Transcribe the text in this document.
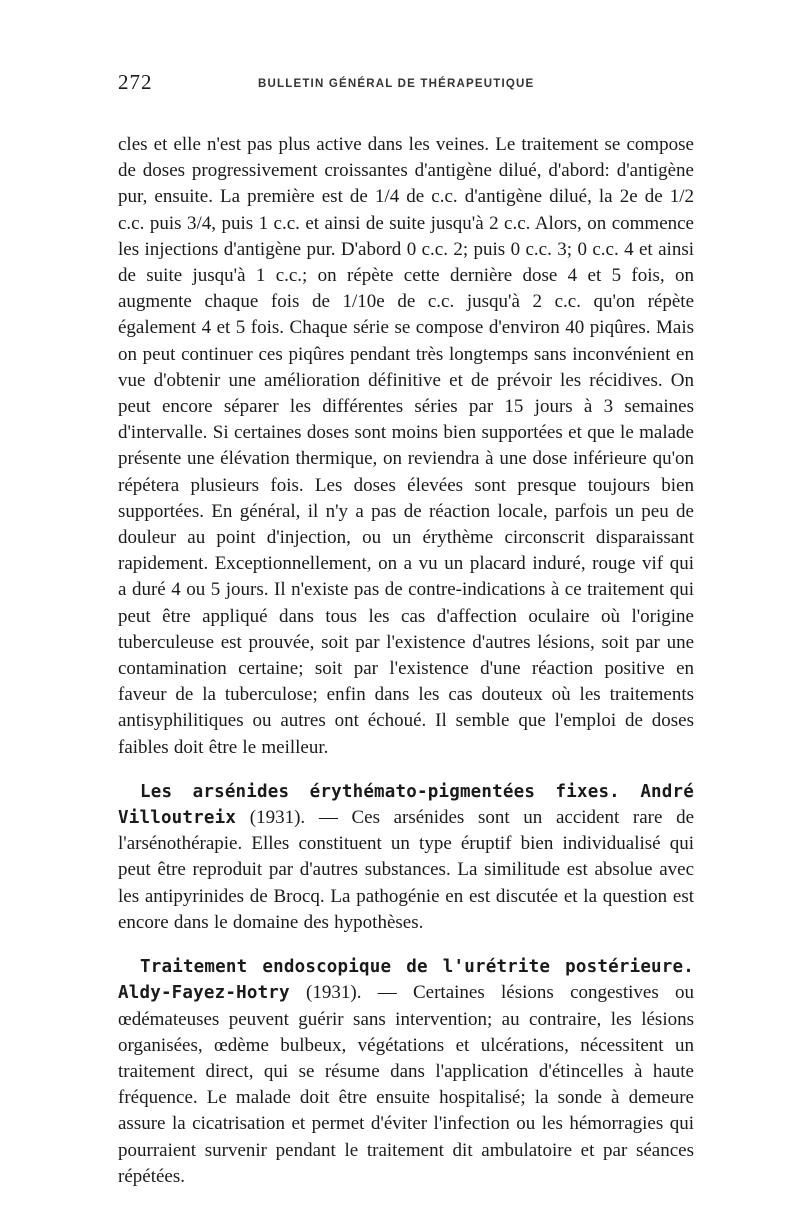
272	BULLETIN GÉNÉRAL DE THÉRAPEUTIQUE

cles et elle n'est pas plus active dans les veines. Le traitement se compose de doses progressivement croissantes d'antigène dilué, d'abord: d'antigène pur, ensuite. La première est de 1/4 de c.c. d'antigène dilué, la 2e de 1/2 c.c. puis 3/4, puis 1 c.c. et ainsi de suite jusqu'à 2 c.c. Alors, on commence les injections d'antigène pur. D'abord 0 c.c. 2; puis 0 c.c. 3; 0 c.c. 4 et ainsi de suite jusqu'à 1 c.c.; on répète cette dernière dose 4 et 5 fois, on augmente chaque fois de 1/10e de c.c. jusqu'à 2 c.c. qu'on répète également 4 et 5 fois. Chaque série se compose d'environ 40 piqûres. Mais on peut continuer ces piqûres pendant très longtemps sans inconvénient en vue d'obtenir une amélioration définitive et de prévoir les récidives. On peut encore séparer les différentes séries par 15 jours à 3 semaines d'intervalle. Si certaines doses sont moins bien supportées et que le malade présente une élévation thermique, on reviendra à une dose inférieure qu'on répétera plusieurs fois. Les doses élevées sont presque toujours bien supportées. En général, il n'y a pas de réaction locale, parfois un peu de douleur au point d'injection, ou un érythème circonscrit disparaissant rapidement. Exceptionnellement, on a vu un placard induré, rouge vif qui a duré 4 ou 5 jours. Il n'existe pas de contre-indications à ce traitement qui peut être appliqué dans tous les cas d'affection oculaire où l'origine tuberculeuse est prouvée, soit par l'existence d'autres lésions, soit par une contamination certaine; soit par l'existence d'une réaction positive en faveur de la tuberculose; enfin dans les cas douteux où les traitements antisyphilitiques ou autres ont échoué. Il semble que l'emploi de doses faibles doit être le meilleur.

Les arsénides érythémato-pigmentées fixes. André Villoutreix (1931). — Ces arsénides sont un accident rare de l'arsénothérapie. Elles constituent un type éruptif bien individualisé qui peut être reproduit par d'autres substances. La similitude est absolue avec les antipyrinides de Brocq. La pathogénie en est discutée et la question est encore dans le domaine des hypothèses.

Traitement endoscopique de l'urétrite postérieure. Aldy-Fayez-Hotry (1931). — Certaines lésions congestives ou œdémateuses peuvent guérir sans intervention; au contraire, les lésions organisées, œdème bulbeux, végétations et ulcérations, nécessitent un traitement direct, qui se résume dans l'application d'étincelles à haute fréquence. Le malade doit être ensuite hospitalisé; la sonde à demeure assure la cicatrisation et permet d'éviter l'infection ou les hémorragies qui pourraient survenir pendant le traitement dit ambulatoire et par séances répétées.
